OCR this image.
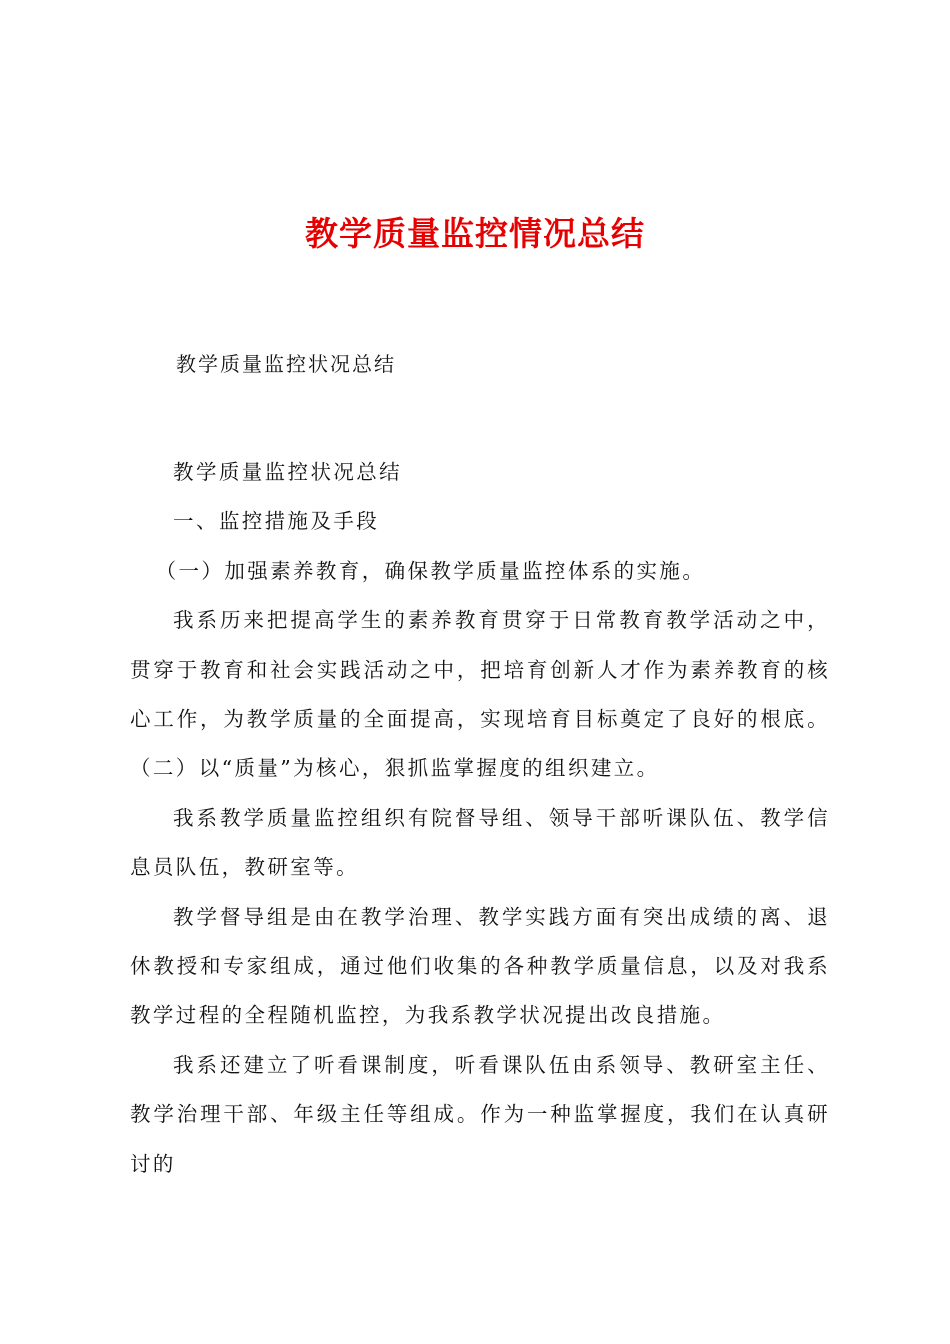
教学质量监控情况总结
教学质量监控状况总结

教学质量监控状况总结

一、监控措施及手段

（一）加强素养教育，确保教学质量监控体系的实施。

我系历来把提高学生的素养教育贯穿于日常教育教学活动之中，贯穿于教育和社会实践活动之中，把培育创新人才作为素养教育的核心工作，为教学质量的全面提高，实现培育目标奠定了良好的根底。（二）以“质量”为核心，狠抓监掌握度的组织建立。

我系教学质量监控组织有院督导组、领导干部听课队伍、教学信息员队伍，教研室等。

教学督导组是由在教学治理、教学实践方面有突出成绩的离、退休教授和专家组成，通过他们收集的各种教学质量信息，以及对我系教学过程的全程随机监控，为我系教学状况提出改良措施。

我系还建立了听看课制度，听看课队伍由系领导、教研室主任、教学治理干部、年级主任等组成。作为一种监掌握度，我们在认真研讨的
